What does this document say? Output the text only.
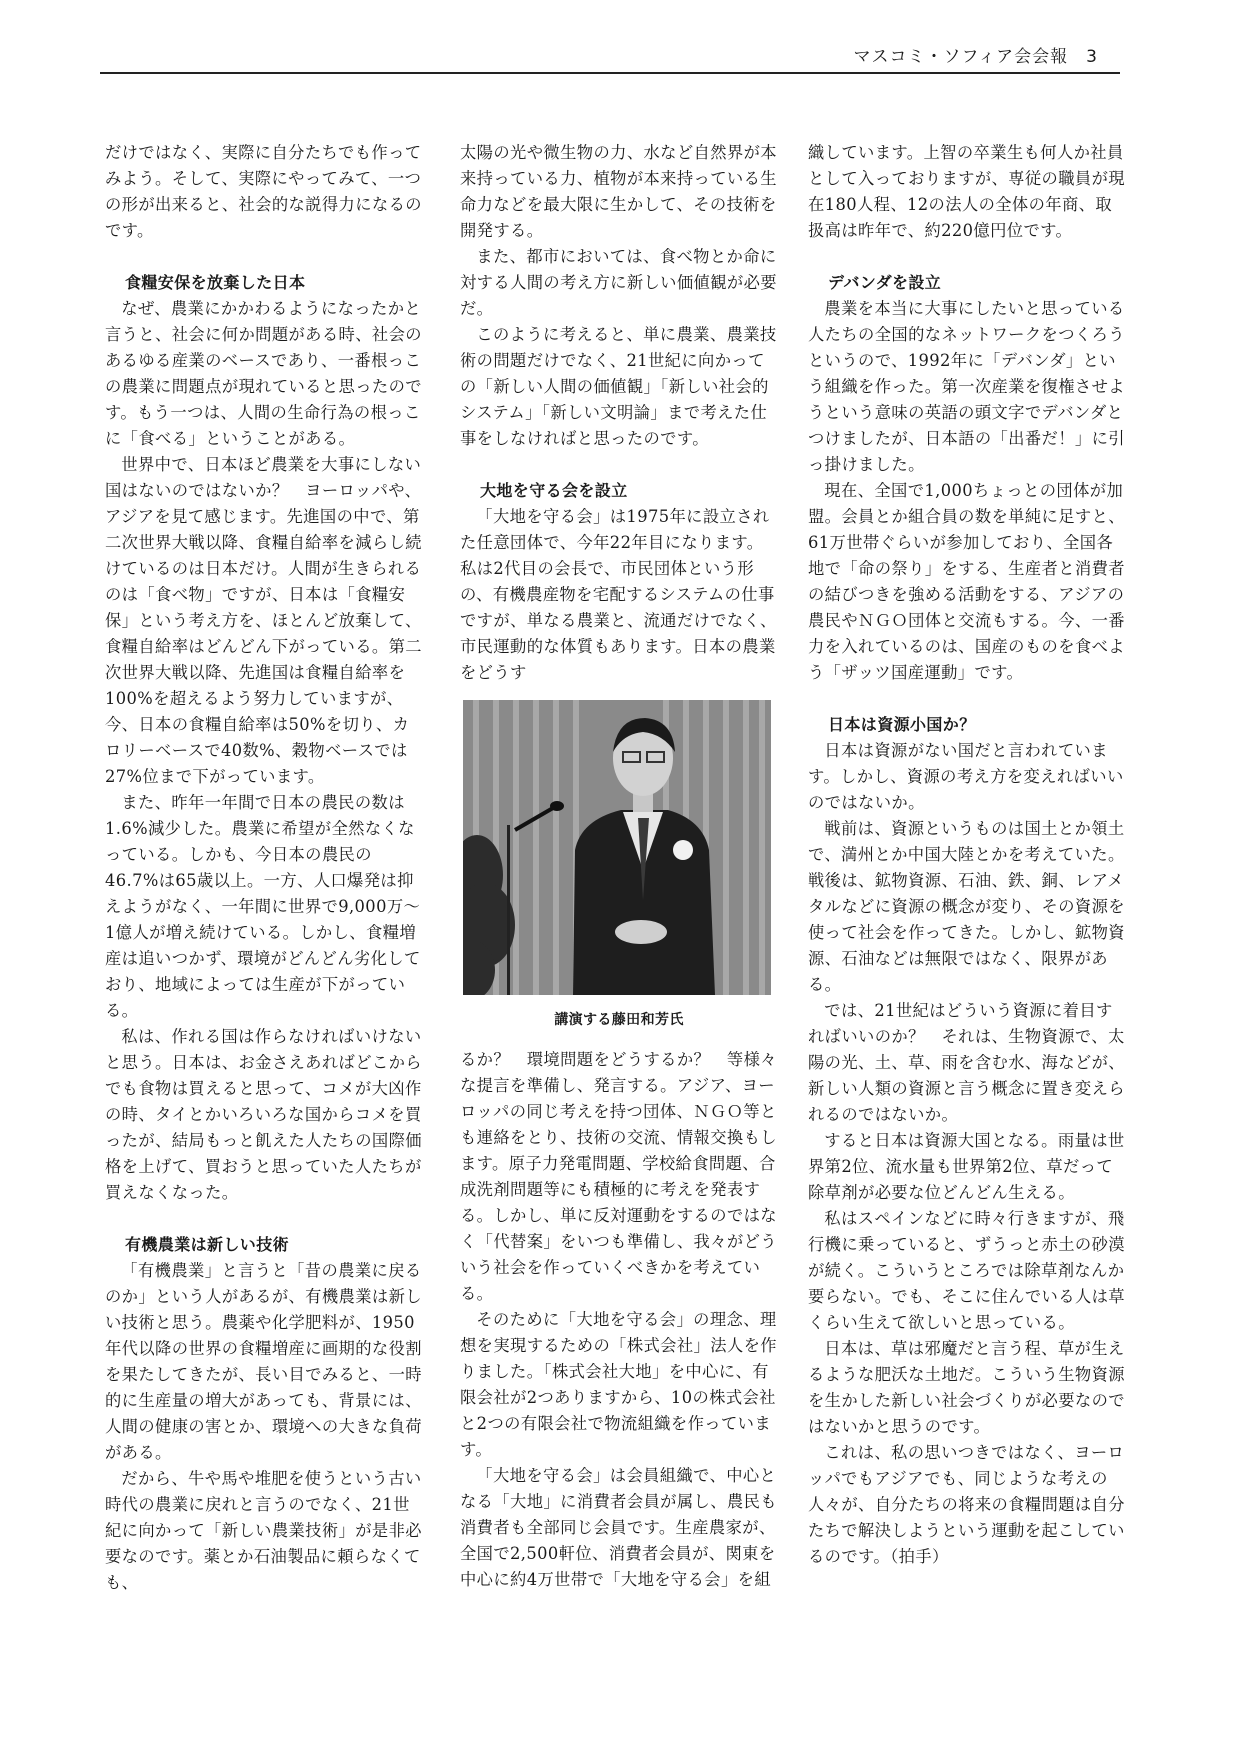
マスコミ・ソフィア会会報　3

だけではなく、実際に自分たちでも作ってみよう。そして、実際にやってみて、一つの形が出来ると、社会的な説得力になるのです。

食糧安保を放棄した日本

なぜ、農業にかかわるようになったかと言うと、社会に何か問題がある時、社会のあるゆる産業のベースであり、一番根っこの農業に問題点が現れていると思ったのです。もう一つは、人間の生命行為の根っこに「食べる」ということがある。

世界中で、日本ほど農業を大事にしない国はないのではないか？　ヨーロッパや、アジアを見て感じます。先進国の中で、第二次世界大戦以降、食糧自給率を減らし続けているのは日本だけ。人間が生きられるのは「食べ物」ですが、日本は「食糧安保」という考え方を、ほとんど放棄して、食糧自給率はどんどん下がっている。第二次世界大戦以降、先進国は食糧自給率を100%を超えるよう努力していますが、今、日本の食糧自給率は50%を切り、カロリーベースで40数%、穀物ベースでは27%位まで下がっています。

また、昨年一年間で日本の農民の数は1.6%減少した。農業に希望が全然なくなっている。しかも、今日本の農民の46.7%は65歳以上。一方、人口爆発は抑えようがなく、一年間に世界で9,000万～1億人が増え続けている。しかし、食糧増産は追いつかず、環境がどんどん劣化しており、地域によっては生産が下がっている。

私は、作れる国は作らなければいけないと思う。日本は、お金さえあればどこからでも食物は買えると思って、コメが大凶作の時、タイとかいろいろな国からコメを買ったが、結局もっと飢えた人たちの国際価格を上げて、買おうと思っていた人たちが買えなくなった。

有機農業は新しい技術

「有機農業」と言うと「昔の農業に戻るのか」という人があるが、有機農業は新しい技術と思う。農薬や化学肥料が、1950年代以降の世界の食糧増産に画期的な役割を果たしてきたが、長い目でみると、一時的に生産量の増大があっても、背景には、人間の健康の害とか、環境への大きな負荷がある。

だから、牛や馬や堆肥を使うという古い時代の農業に戻れと言うのでなく、21世紀に向かって「新しい農業技術」が是非必要なのです。薬とか石油製品に頼らなくても、

太陽の光や微生物の力、水など自然界が本来持っている力、植物が本来持っている生命力などを最大限に生かして、その技術を開発する。

また、都市においては、食べ物とか命に対する人間の考え方に新しい価値観が必要だ。

このように考えると、単に農業、農業技術の問題だけでなく、21世紀に向かっての「新しい人間の価値観」「新しい社会的システム」「新しい文明論」まで考えた仕事をしなければと思ったのです。

大地を守る会を設立

「大地を守る会」は1975年に設立された任意団体で、今年22年目になります。私は2代目の会長で、市民団体という形の、有機農産物を宅配するシステムの仕事ですが、単なる農業と、流通だけでなく、市民運動的な体質もあります。日本の農業をどうす

講演する藤田和芳氏

るか？　環境問題をどうするか？　等様々な提言を準備し、発言する。アジア、ヨーロッパの同じ考えを持つ団体、ＮＧＯ等とも連絡をとり、技術の交流、情報交換もします。原子力発電問題、学校給食問題、合成洗剤問題等にも積極的に考えを発表する。しかし、単に反対運動をするのではなく「代替案」をいつも準備し、我々がどういう社会を作っていくべきかを考えている。

そのために「大地を守る会」の理念、理想を実現するための「株式会社」法人を作りました。「株式会社大地」を中心に、有限会社が2つありますから、10の株式会社と2つの有限会社で物流組織を作っています。

「大地を守る会」は会員組織で、中心となる「大地」に消費者会員が属し、農民も消費者も全部同じ会員です。生産農家が、全国で2,500軒位、消費者会員が、関東を中心に約4万世帯で「大地を守る会」を組

織しています。上智の卒業生も何人か社員として入っておりますが、専従の職員が現在180人程、12の法人の全体の年商、取扱高は昨年で、約220億円位です。

デバンダを設立

農業を本当に大事にしたいと思っている人たちの全国的なネットワークをつくろうというので、1992年に「デバンダ」という組織を作った。第一次産業を復権させようという意味の英語の頭文字でデバンダとつけましたが、日本語の「出番だ！」に引っ掛けました。

現在、全国で1,000ちょっとの団体が加盟。会員とか組合員の数を単純に足すと、61万世帯ぐらいが参加しており、全国各地で「命の祭り」をする、生産者と消費者の結びつきを強める活動をする、アジアの農民やＮＧＯ団体と交流もする。今、一番力を入れているのは、国産のものを食べよう「ザッツ国産運動」です。

日本は資源小国か？

日本は資源がない国だと言われています。しかし、資源の考え方を変えればいいのではないか。

戦前は、資源というものは国土とか領土で、満州とか中国大陸とかを考えていた。戦後は、鉱物資源、石油、鉄、銅、レアメタルなどに資源の概念が変り、その資源を使って社会を作ってきた。しかし、鉱物資源、石油などは無限ではなく、限界がある。

では、21世紀はどういう資源に着目すればいいのか？　それは、生物資源で、太陽の光、土、草、雨を含む水、海などが、新しい人類の資源と言う概念に置き変えられるのではないか。

すると日本は資源大国となる。雨量は世界第2位、流水量も世界第2位、草だって除草剤が必要な位どんどん生える。

私はスペインなどに時々行きますが、飛行機に乗っていると、ずうっと赤土の砂漠が続く。こういうところでは除草剤なんか要らない。でも、そこに住んでいる人は草くらい生えて欲しいと思っている。

日本は、草は邪魔だと言う程、草が生えるような肥沃な土地だ。こういう生物資源を生かした新しい社会づくりが必要なのではないかと思うのです。

これは、私の思いつきではなく、ヨーロッパでもアジアでも、同じような考えの人々が、自分たちの将来の食糧問題は自分たちで解決しようという運動を起こしているのです。（拍手）
